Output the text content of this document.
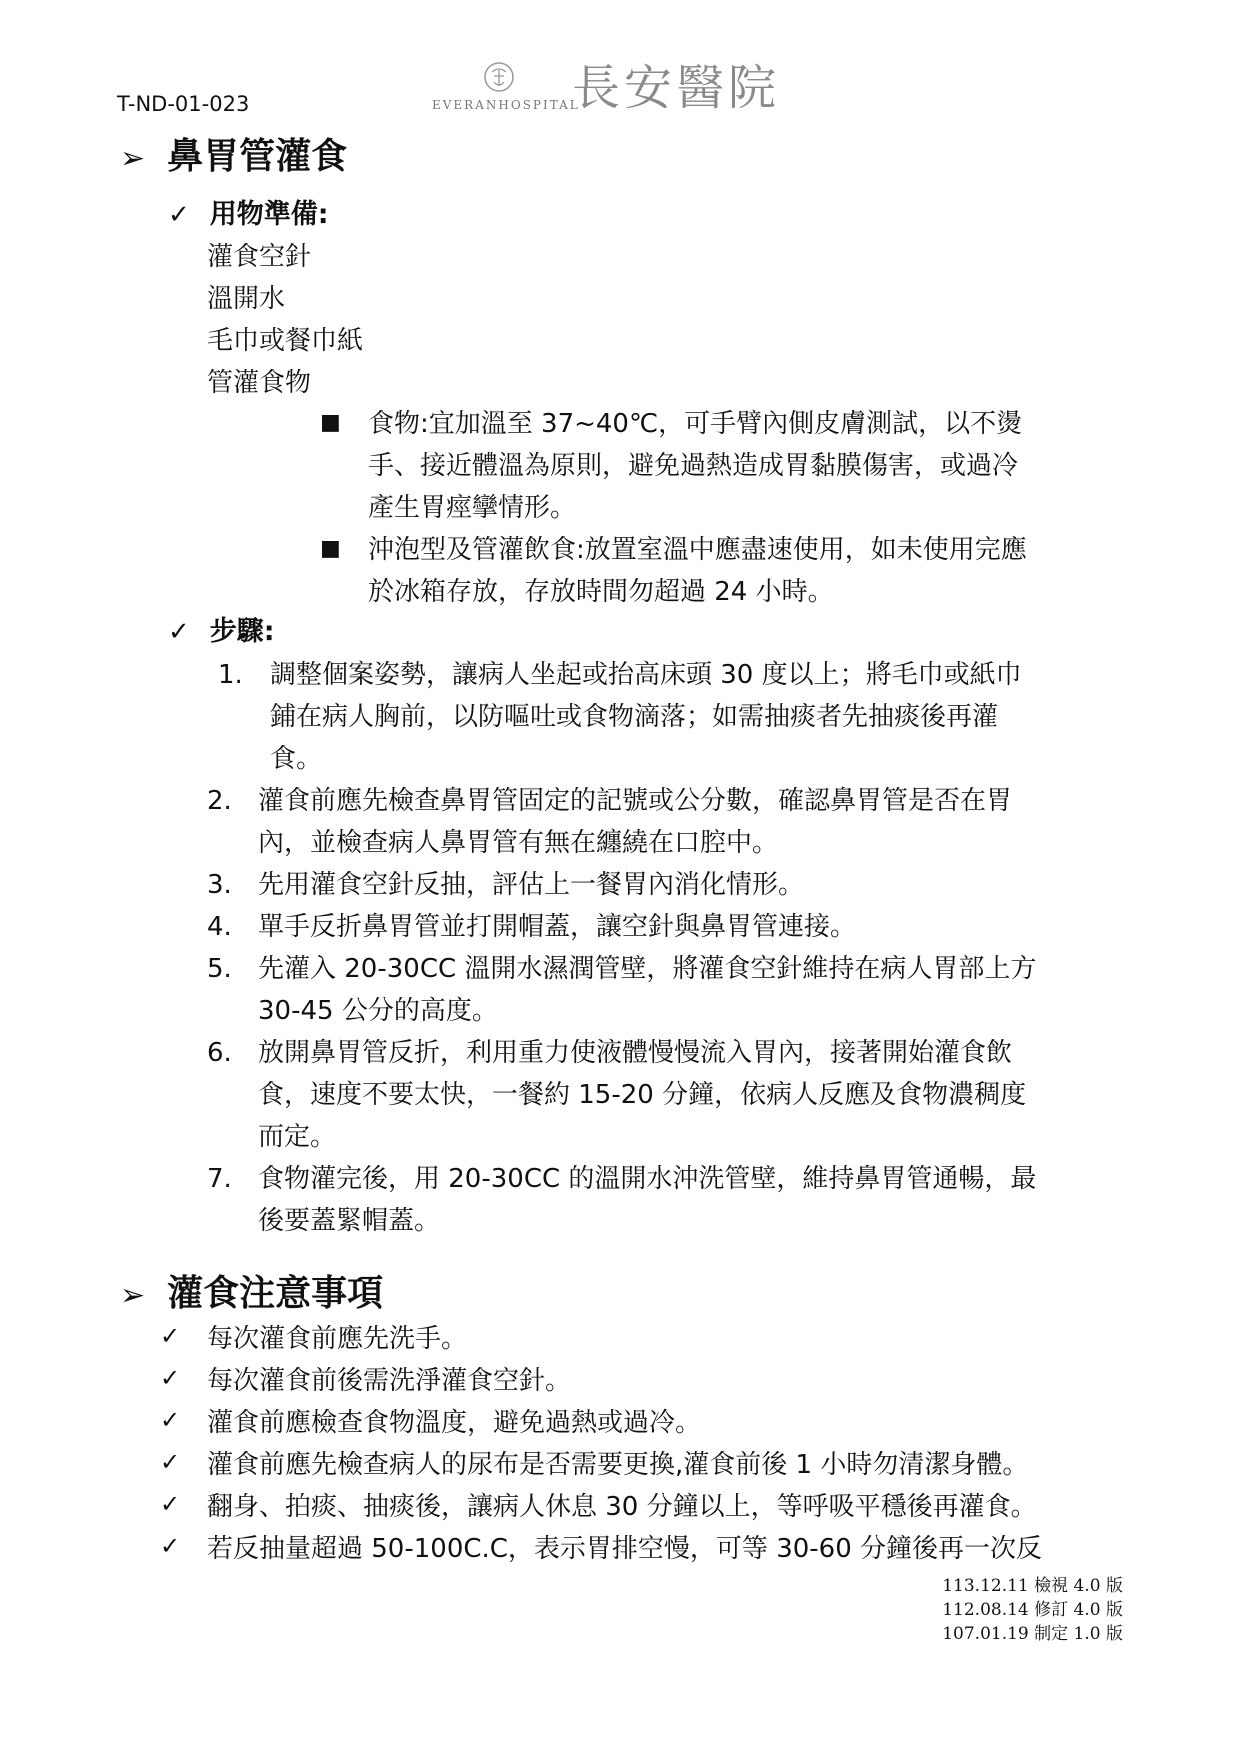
T-ND-01-023	EVERANHOSPITAL
長安醫院
➢ 鼻胃管灌食
✓ 用物準備:
灌食空針
溫開水
毛巾或餐巾紙
管灌食物
■ 食物:宜加溫至 37~40℃，可手臂內側皮膚測試，以不燙
手、接近體溫為原則，避免過熱造成胃黏膜傷害，或過冷
產生胃痙攣情形。
■ 沖泡型及管灌飲食:放置室溫中應盡速使用，如未使用完應
於冰箱存放，存放時間勿超過 24 小時。
✓ 步驟:
1. 調整個案姿勢，讓病人坐起或抬高床頭 30 度以上；將毛巾或紙巾
鋪在病人胸前，以防嘔吐或食物滴落；如需抽痰者先抽痰後再灌
食。
2. 灌食前應先檢查鼻胃管固定的記號或公分數，確認鼻胃管是否在胃
內，並檢查病人鼻胃管有無在纏繞在口腔中。
3. 先用灌食空針反抽，評估上一餐胃內消化情形。
4. 單手反折鼻胃管並打開帽蓋，讓空針與鼻胃管連接。
5. 先灌入 20-30CC 溫開水濕潤管壁，將灌食空針維持在病人胃部上方
30-45 公分的高度。
6. 放開鼻胃管反折，利用重力使液體慢慢流入胃內，接著開始灌食飲
食，速度不要太快，一餐約 15-20 分鐘，依病人反應及食物濃稠度
而定。
7. 食物灌完後，用 20-30CC 的溫開水沖洗管壁，維持鼻胃管通暢，最
後要蓋緊帽蓋。
➢ 灌食注意事項
✓ 每次灌食前應先洗手。
✓ 每次灌食前後需洗淨灌食空針。
✓ 灌食前應檢查食物溫度，避免過熱或過冷。
✓ 灌食前應先檢查病人的尿布是否需要更換,灌食前後 1 小時勿清潔身體。
✓ 翻身、拍痰、抽痰後，讓病人休息 30 分鐘以上，等呼吸平穩後再灌食。
✓ 若反抽量超過 50-100C.C，表示胃排空慢，可等 30-60 分鐘後再一次反
113.12.11 檢視 4.0 版
112.08.14 修訂 4.0 版
107.01.19 制定 1.0 版
